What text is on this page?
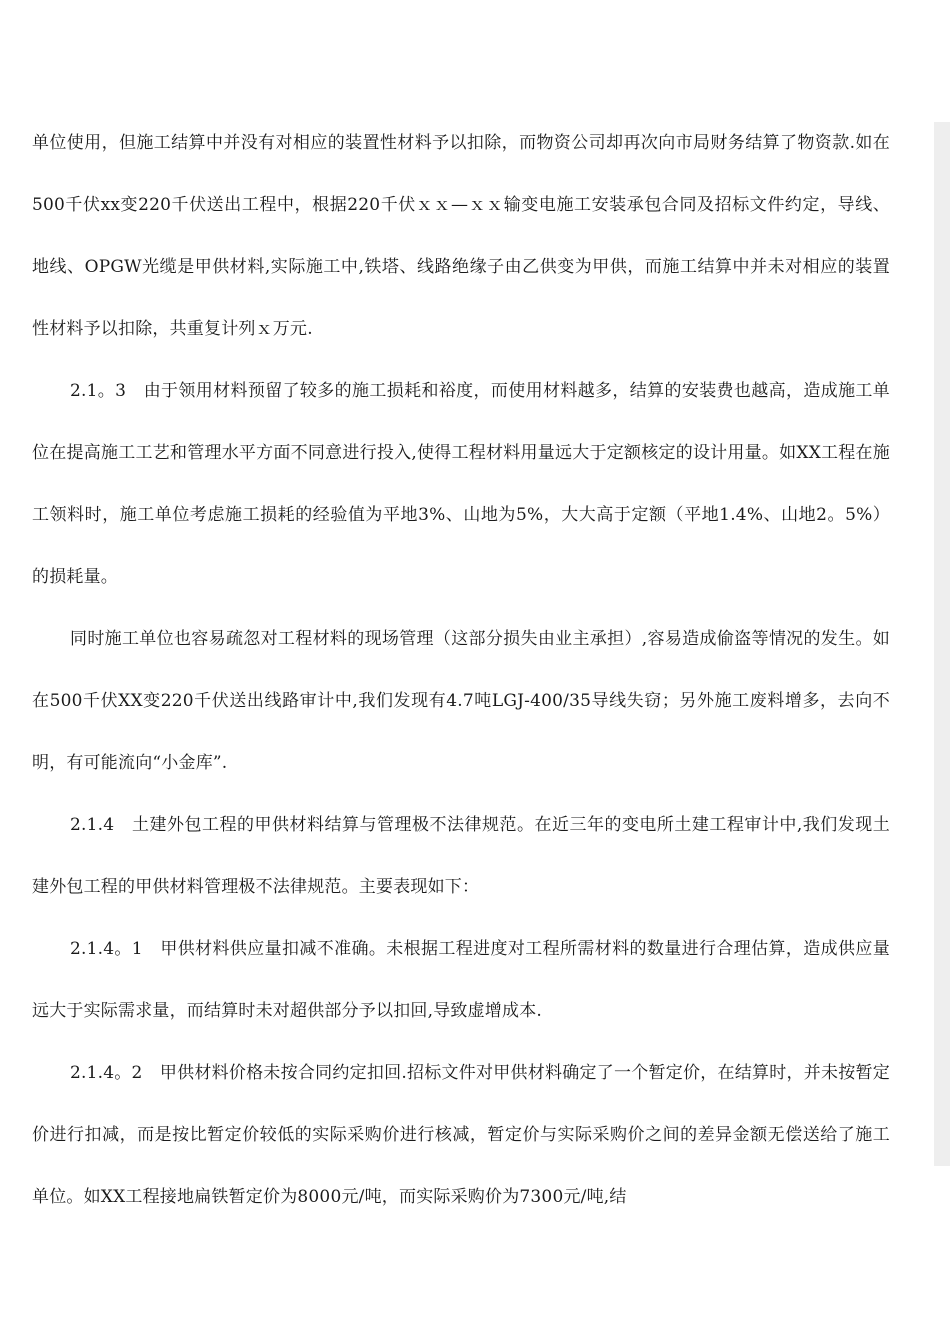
单位使用，但施工结算中并没有对相应的装置性材料予以扣除，而物资公司却再次向市局财务结算了物资款.如在500千伏xx变220千伏送出工程中，根据220千伏ｘｘ—ｘｘ输变电施工安装承包合同及招标文件约定，导线、地线、OPGW光缆是甲供材料,实际施工中,铁塔、线路绝缘子由乙供变为甲供，而施工结算中并未对相应的装置性材料予以扣除，共重复计列ｘ万元.

2.1。3　由于领用材料预留了较多的施工损耗和裕度，而使用材料越多，结算的安装费也越高，造成施工单位在提高施工工艺和管理水平方面不同意进行投入,使得工程材料用量远大于定额核定的设计用量。如XX工程在施工领料时，施工单位考虑施工损耗的经验值为平地3%、山地为5%，大大高于定额（平地1.4%、山地2。5%）的损耗量。

同时施工单位也容易疏忽对工程材料的现场管理（这部分损失由业主承担）,容易造成偷盗等情况的发生。如在500千伏XX变220千伏送出线路审计中,我们发现有4.7吨LGJ-400/35导线失窃；另外施工废料增多，去向不明，有可能流向“小金库”.

2.1.4　土建外包工程的甲供材料结算与管理极不法律规范。在近三年的变电所土建工程审计中,我们发现土建外包工程的甲供材料管理极不法律规范。主要表现如下：

2.1.4。1　甲供材料供应量扣减不准确。未根据工程进度对工程所需材料的数量进行合理估算，造成供应量远大于实际需求量，而结算时未对超供部分予以扣回,导致虚增成本.

2.1.4。2　甲供材料价格未按合同约定扣回.招标文件对甲供材料确定了一个暂定价，在结算时，并未按暂定价进行扣减，而是按比暂定价较低的实际采购价进行核减，暂定价与实际采购价之间的差异金额无偿送给了施工单位。如XX工程接地扁铁暂定价为8000元/吨，而实际采购价为7300元/吨,结
